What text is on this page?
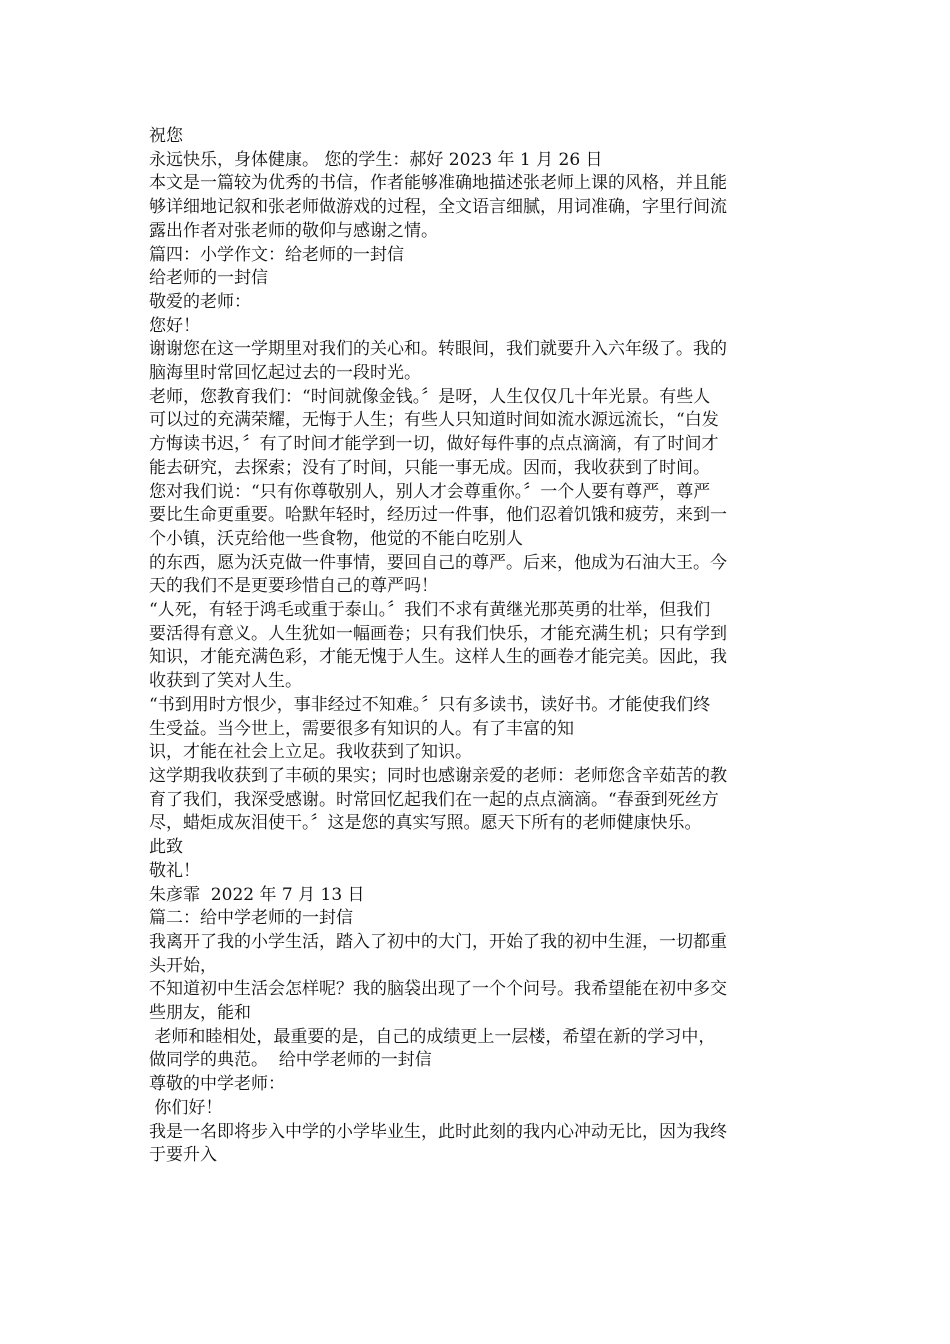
祝您
永远快乐，身体健康。 您的学生：郝好 2023 年 1 月 26 日
本文是一篇较为优秀的书信，作者能够准确地描述张老师上课的风格，并且能
够详细地记叙和张老师做游戏的过程，全文语言细腻，用词准确，字里行间流
露出作者对张老师的敬仰与感谢之情。
篇四：小学作文：给老师的一封信
给老师的一封信
敬爱的老师：
您好！
谢谢您在这一学期里对我们的关心和。转眼间，我们就要升入六年级了。我的
脑海里时常回忆起过去的一段时光。
老师，您教育我们：“时间就像金钱。〞是呀，人生仅仅几十年光景。有些人
可以过的充满荣耀，无悔于人生；有些人只知道时间如流水源远流长，“白发
方悔读书迟，〞有了时间才能学到一切，做好每件事的点点滴滴，有了时间才
能去研究，去探索；没有了时间，只能一事无成。因而，我收获到了时间。
您对我们说：“只有你尊敬别人，别人才会尊重你。〞一个人要有尊严，尊严
要比生命更重要。哈默年轻时，经历过一件事，他们忍着饥饿和疲劳，来到一
个小镇，沃克给他一些食物，他觉的不能白吃别人
的东西，愿为沃克做一件事情，要回自己的尊严。后来，他成为石油大王。今
天的我们不是更要珍惜自己的尊严吗！
“人死，有轻于鸿毛或重于泰山。〞我们不求有黄继光那英勇的壮举，但我们
要活得有意义。人生犹如一幅画卷；只有我们快乐，才能充满生机；只有学到
知识，才能充满色彩，才能无愧于人生。这样人生的画卷才能完美。因此，我
收获到了笑对人生。
“书到用时方恨少，事非经过不知难。〞只有多读书，读好书。才能使我们终
生受益。当今世上，需要很多有知识的人。有了丰富的知
识，才能在社会上立足。我收获到了知识。
这学期我收获到了丰硕的果实；同时也感谢亲爱的老师：老师您含辛茹苦的教
育了我们，我深受感谢。时常回忆起我们在一起的点点滴滴。“春蚕到死丝方
尽，蜡炬成灰泪使干。〞这是您的真实写照。愿天下所有的老师健康快乐。
此致
敬礼！
朱彦霏  2022 年 7 月 13 日
篇二：给中学老师的一封信
我离开了我的小学生活，踏入了初中的大门，开始了我的初中生涯，一切都重
头开始，
不知道初中生活会怎样呢？我的脑袋出现了一个个问号。我希望能在初中多交
些朋友，能和
老师和睦相处，最重要的是，自己的成绩更上一层楼，希望在新的学习中，
做同学的典范。  给中学老师的一封信
尊敬的中学老师：
你们好！
我是一名即将步入中学的小学毕业生，此时此刻的我内心冲动无比，因为我终
于要升入
